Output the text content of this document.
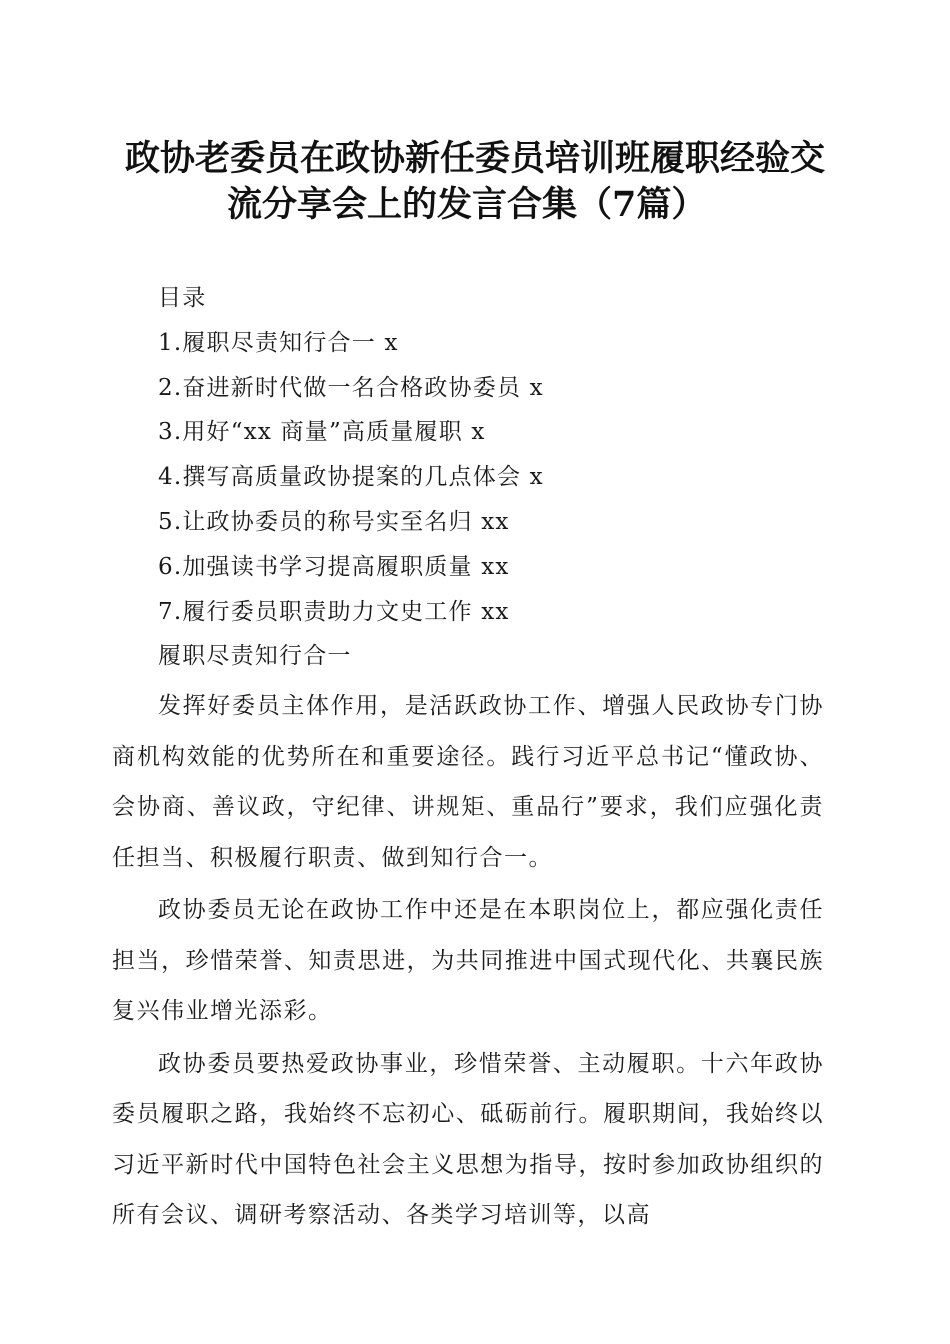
政协老委员在政协新任委员培训班履职经验交
流分享会上的发言合集（7篇）
目录
1.履职尽责知行合一 x
2.奋进新时代做一名合格政协委员 x
3.用好“xx 商量”高质量履职 x
4.撰写高质量政协提案的几点体会 x
5.让政协委员的称号实至名归 xx
6.加强读书学习提高履职质量 xx
7.履行委员职责助力文史工作 xx
履职尽责知行合一

发挥好委员主体作用，是活跃政协工作、增强人民政协专门协商机构效能的优势所在和重要途径。践行习近平总书记“懂政协、会协商、善议政，守纪律、讲规矩、重品行”要求，我们应强化责任担当、积极履行职责、做到知行合一。

政协委员无论在政协工作中还是在本职岗位上，都应强化责任担当，珍惜荣誉、知责思进，为共同推进中国式现代化、共襄民族复兴伟业增光添彩。

政协委员要热爱政协事业，珍惜荣誉、主动履职。十六年政协委员履职之路，我始终不忘初心、砥砺前行。履职期间，我始终以习近平新时代中国特色社会主义思想为指导，按时参加政协组织的所有会议、调研考察活动、各类学习培训等，以高
